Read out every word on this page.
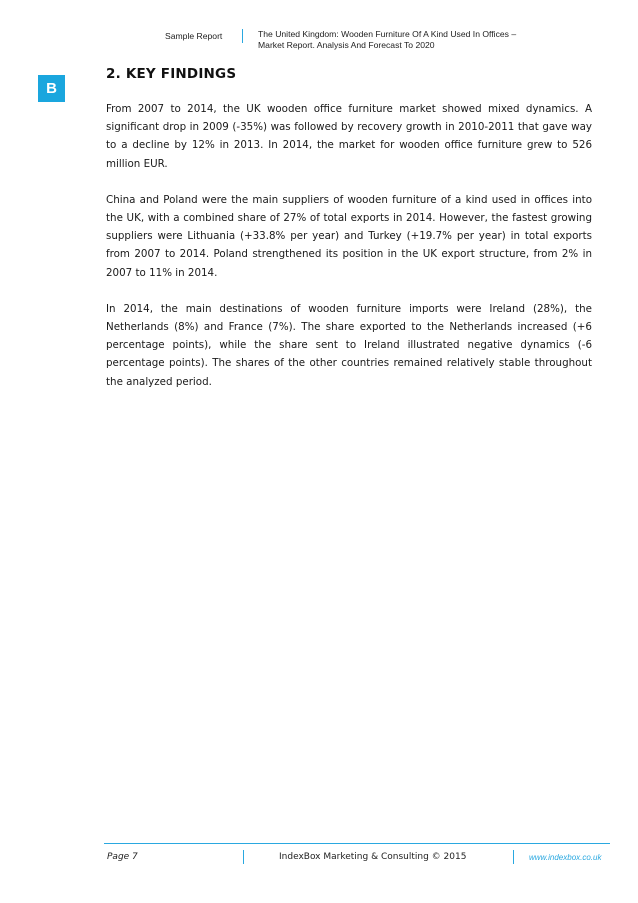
Sample Report	The United Kingdom: Wooden Furniture Of A Kind Used In Offices –
Market Report. Analysis And Forecast To 2020
B
2. KEY FINDINGS

From 2007 to 2014, the UK wooden office furniture market showed mixed dynamics. A significant drop in 2009 (-35%) was followed by recovery growth in 2010-2011 that gave way to a decline by 12% in 2013. In 2014, the market for wooden office furniture grew to 526 million EUR.

China and Poland were the main suppliers of wooden furniture of a kind used in offices into the UK, with a combined share of 27% of total exports in 2014. However, the fastest growing suppliers were Lithuania (+33.8% per year) and Turkey (+19.7% per year) in total exports from 2007 to 2014. Poland strengthened its position in the UK export structure, from 2% in 2007 to 11% in 2014.

In 2014, the main destinations of wooden furniture imports were Ireland (28%), the Netherlands (8%) and France (7%). The share exported to the Netherlands increased (+6 percentage points), while the share sent to Ireland illustrated negative dynamics (-6 percentage points). The shares of the other countries remained relatively stable throughout the analyzed period.

Page 7	IndexBox Marketing & Consulting © 2015	www.indexbox.co.uk
